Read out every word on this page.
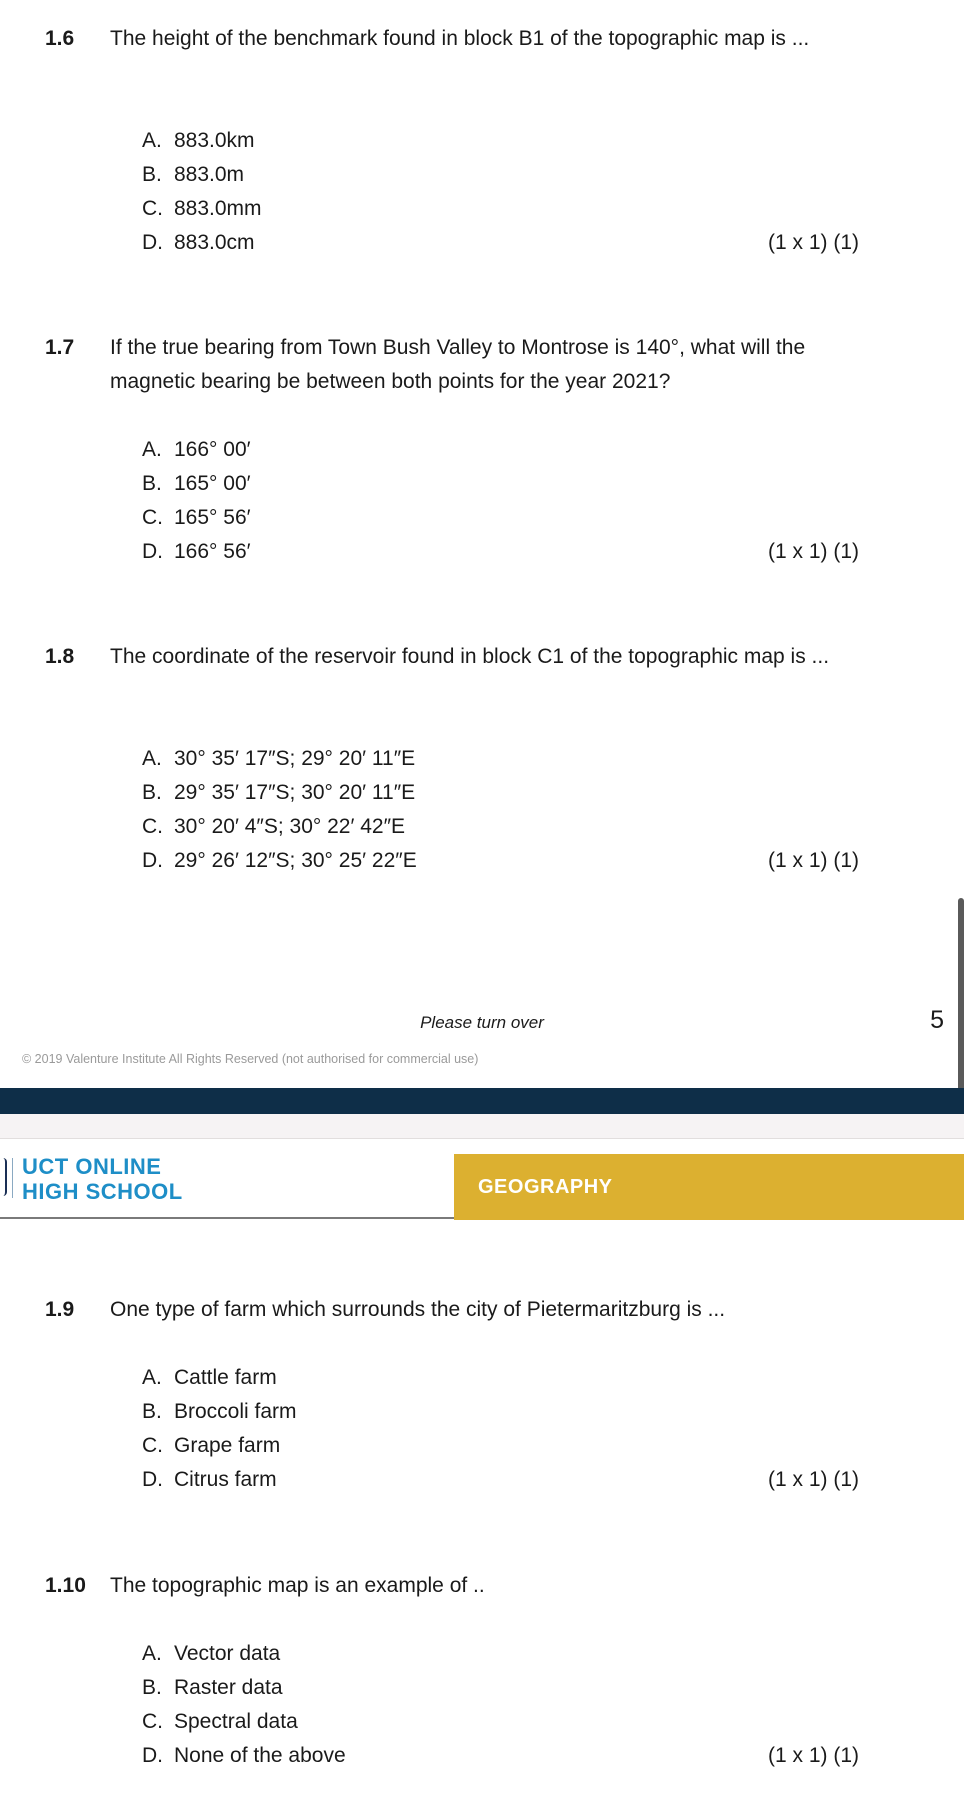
1.6 The height of the benchmark found in block B1 of the topographic map is ...
A. 883.0km
B. 883.0m
C. 883.0mm
D. 883.0cm	(1 x 1) (1)
1.7 If the true bearing from Town Bush Valley to Montrose is 140°, what will the magnetic bearing be between both points for the year 2021?
A. 166° 00′
B. 165° 00′
C. 165° 56′
D. 166° 56′	(1 x 1) (1)
1.8 The coordinate of the reservoir found in block C1 of the topographic map is ...
A. 30° 35′ 17″S; 29° 20′ 11″E
B. 29° 35′ 17″S; 30° 20′ 11″E
C. 30° 20′ 4″S; 30° 22′ 42″E
D. 29° 26′ 12″S; 30° 25′ 22″E	(1 x 1) (1)
Please turn over	5
© 2019 Valenture Institute All Rights Reserved (not authorised for commercial use)
UCT ONLINE
HIGH SCHOOL	GEOGRAPHY
1.9 One type of farm which surrounds the city of Pietermaritzburg is ...
A. Cattle farm
B. Broccoli farm
C. Grape farm
D. Citrus farm	(1 x 1) (1)
1.10 The topographic map is an example of ..
A. Vector data
B. Raster data
C. Spectral data
D. None of the above	(1 x 1) (1)
